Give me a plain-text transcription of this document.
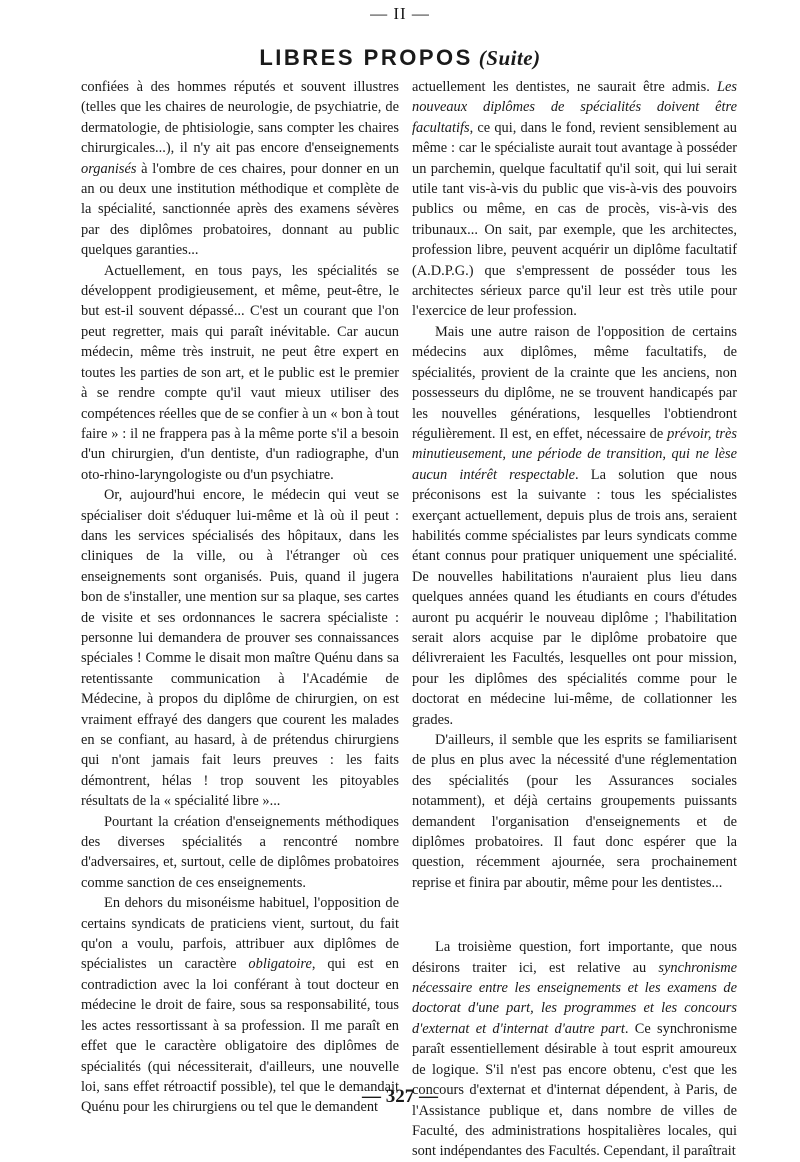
— II —
LIBRES PROPOS (Suite)

confiées à des hommes réputés et souvent illustres (telles que les chaires de neurologie, de psychiatrie, de dermatologie, de phtisiologie, sans compter les chaires chirurgicales...), il n'y ait pas encore d'enseignements organisés à l'ombre de ces chaires, pour donner en un an ou deux une institution méthodique et complète de la spécialité, sanctionnée après des examens sévères par des diplômes probatoires, donnant au public quelques garanties...

Actuellement, en tous pays, les spécialités se développent prodigieusement, et même, peut-être, le but est-il souvent dépassé... C'est un courant que l'on peut regretter, mais qui paraît inévitable. Car aucun médecin, même très instruit, ne peut être expert en toutes les parties de son art, et le public est le premier à se rendre compte qu'il vaut mieux utiliser des compétences réelles que de se confier à un « bon à tout faire » : il ne frappera pas à la même porte s'il a besoin d'un chirurgien, d'un dentiste, d'un radiographe, d'un oto-rhino-laryngologiste ou d'un psychiatre.

Or, aujourd'hui encore, le médecin qui veut se spécialiser doit s'éduquer lui-même et là où il peut : dans les services spécialisés des hôpitaux, dans les cliniques de la ville, ou à l'étranger où ces enseignements sont organisés. Puis, quand il jugera bon de s'installer, une mention sur sa plaque, ses cartes de visite et ses ordonnances le sacrera spécialiste : personne lui demandera de prouver ses connaissances spéciales ! Comme le disait mon maître Quénu dans sa retentissante communication à l'Académie de Médecine, à propos du diplôme de chirurgien, on est vraiment effrayé des dangers que courent les malades en se confiant, au hasard, à de prétendus chirurgiens qui n'ont jamais fait leurs preuves : les faits démontrent, hélas ! trop souvent les pitoyables résultats de la « spécialité libre »...

Pourtant la création d'enseignements méthodiques des diverses spécialités a rencontré nombre d'adversaires, et, surtout, celle de diplômes probatoires comme sanction de ces enseignements.

En dehors du misonéisme habituel, l'opposition de certains syndicats de praticiens vient, surtout, du fait qu'on a voulu, parfois, attribuer aux diplômes de spécialistes un caractère obligatoire, qui est en contradiction avec la loi conférant à tout docteur en médecine le droit de faire, sous sa responsabilité, tous les actes ressortissant à sa profession. Il me paraît en effet que le caractère obligatoire des diplômes de spécialités (qui nécessiterait, d'ailleurs, une nouvelle loi, sans effet rétroactif possible), tel que le demandait Quénu pour les chirurgiens ou tel que le demandent

actuellement les dentistes, ne saurait être admis. Les nouveaux diplômes de spécialités doivent être facultatifs, ce qui, dans le fond, revient sensiblement au même : car le spécialiste aurait tout avantage à posséder un parchemin, quelque facultatif qu'il soit, qui lui serait utile tant vis-à-vis du public que vis-à-vis des pouvoirs publics ou même, en cas de procès, vis-à-vis des tribunaux... On sait, par exemple, que les architectes, profession libre, peuvent acquérir un diplôme facultatif (A.D.P.G.) que s'empressent de posséder tous les architectes sérieux parce qu'il leur est très utile pour l'exercice de leur profession.

Mais une autre raison de l'opposition de certains médecins aux diplômes, même facultatifs, de spécialités, provient de la crainte que les anciens, non possesseurs du diplôme, ne se trouvent handicapés par les nouvelles générations, lesquelles l'obtiendront régulièrement. Il est, en effet, nécessaire de prévoir, très minutieusement, une période de transition, qui ne lèse aucun intérêt respectable. La solution que nous préconisons est la suivante : tous les spécialistes exerçant actuellement, depuis plus de trois ans, seraient habilités comme spécialistes par leurs syndicats comme étant connus pour pratiquer uniquement une spécialité. De nouvelles habilitations n'auraient plus lieu dans quelques années quand les étudiants en cours d'études auront pu acquérir le nouveau diplôme ; l'habilitation serait alors acquise par le diplôme probatoire que délivreraient les Facultés, lesquelles ont pour mission, pour les diplômes des spécialités comme pour le doctorat en médecine lui-même, de collationner les grades.

D'ailleurs, il semble que les esprits se familiarisent de plus en plus avec la nécessité d'une réglementation des spécialités (pour les Assurances sociales notamment), et déjà certains groupements puissants demandent l'organisation d'enseignements et de diplômes probatoires. Il faut donc espérer que la question, récemment ajournée, sera prochainement reprise et finira par aboutir, même pour les dentistes...

La troisième question, fort importante, que nous désirons traiter ici, est relative au synchronisme nécessaire entre les enseignements et les examens de doctorat d'une part, les programmes et les concours d'externat et d'internat d'autre part. Ce synchronisme paraît essentiellement désirable à tout esprit amoureux de logique. S'il n'est pas encore obtenu, c'est que les concours d'externat et d'internat dépendent, à Paris, de l'Assistance publique et, dans nombre de villes de Faculté, des administrations hospitalières locales, qui sont indépendantes des Facultés. Cependant, il paraîtrait

— 327 —
